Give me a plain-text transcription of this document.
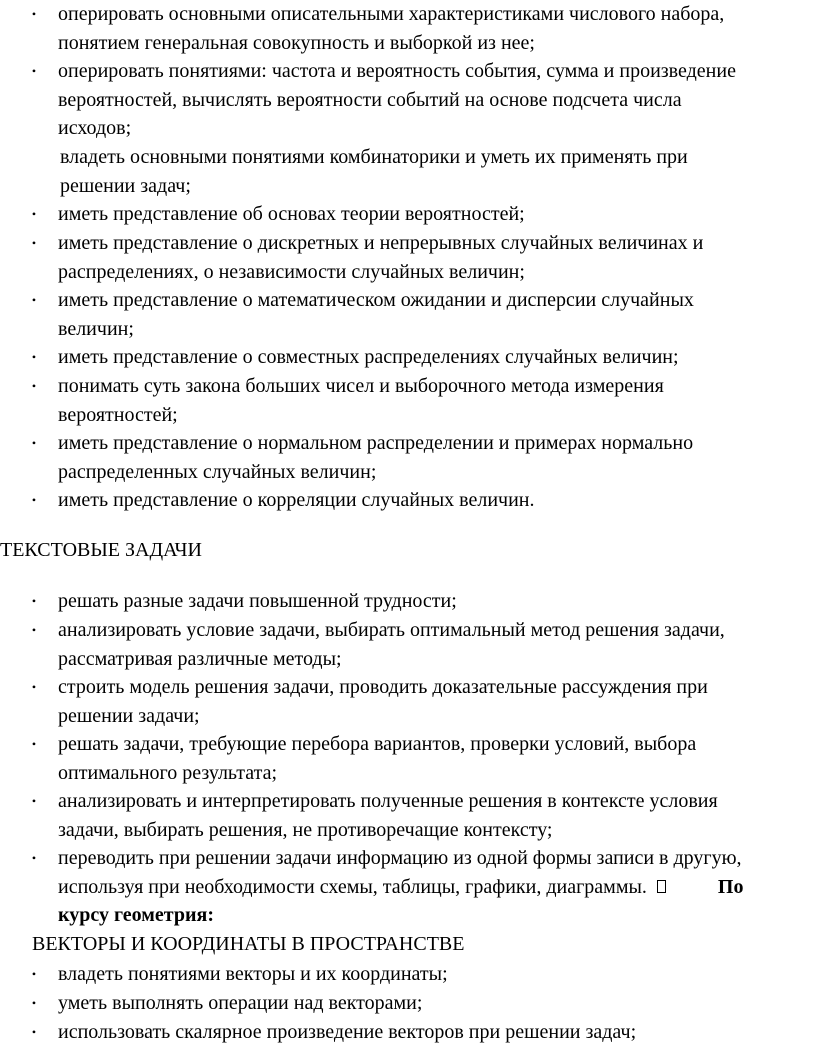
• оперировать основными описательными характеристиками числового набора,
понятием генеральная совокупность и выборкой из нее;
• оперировать понятиями: частота и вероятность события, сумма и произведение
вероятностей, вычислять вероятности событий на основе подсчета числа
исходов;
владеть основными понятиями комбинаторики и уметь их применять при
решении задач;
• иметь представление об основах теории вероятностей;
• иметь представление о дискретных и непрерывных случайных величинах и
распределениях, о независимости случайных величин;
• иметь представление о математическом ожидании и дисперсии случайных
величин;
• иметь представление о совместных распределениях случайных величин;
• понимать суть закона больших чисел и выборочного метода измерения
вероятностей;
• иметь представление о нормальном распределении и примерах нормально
распределенных случайных величин;
• иметь представление о корреляции случайных величин.
ТЕКСТОВЫЕ ЗАДАЧИ
• решать разные задачи повышенной трудности;
• анализировать условие задачи, выбирать оптимальный метод решения задачи,
рассматривая различные методы;
• строить модель решения задачи, проводить доказательные рассуждения при
решении задачи;
• решать задачи, требующие перебора вариантов, проверки условий, выбора
оптимального результата;
• анализировать и интерпретировать полученные решения в контексте условия
задачи, выбирать решения, не противоречащие контексту;
• переводить при решении задачи информацию из одной формы записи в другую,
используя при необходимости схемы, таблицы, графики, диаграммы.	По
курсу геометрия:
ВЕКТОРЫ И КООРДИНАТЫ В ПРОСТРАНСТВЕ
• владеть понятиями векторы и их координаты;
• уметь выполнять операции над векторами;
• использовать скалярное произведение векторов при решении задач;
